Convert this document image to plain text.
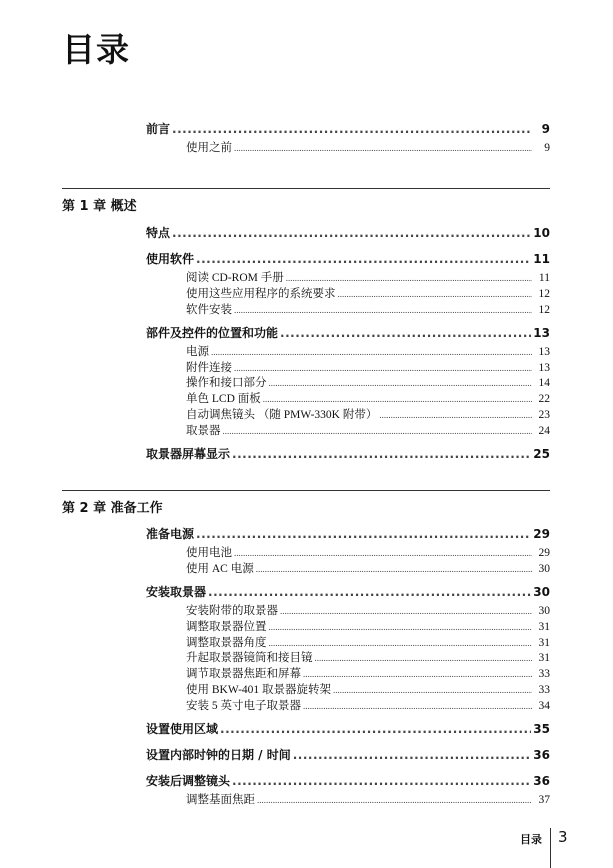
目录
前言 .....	9
使用之前 .....	9
第 1 章 概述
特点 .....	10
使用软件 .....	11
阅读 CD-ROM 手册 .....	11
使用这些应用程序的系统要求 .....	12
软件安装 .....	12
部件及控件的位置和功能 .....	13
电源 .....	13
附件连接 .....	13
操作和接口部分 .....	14
单色 LCD 面板 .....	22
自动调焦镜头 （随 PMW-330K 附带） .....	23
取景器 .....	24
取景器屏幕显示 .....	25
第 2 章 准备工作
准备电源 .....	29
使用电池 .....	29
使用 AC 电源 .....	30
安装取景器 .....	30
安装附带的取景器 .....	30
调整取景器位置 .....	31
调整取景器角度 .....	31
升起取景器镜筒和接目镜 .....	31
调节取景器焦距和屏幕 .....	33
使用 BKW-401 取景器旋转架 .....	33
安装 5 英寸电子取景器 .....	34
设置使用区域 .....	35
设置内部时钟的日期 / 时间 .....	36
安装后调整镜头 .....	36
调整基面焦距 .....	37
目录 3
